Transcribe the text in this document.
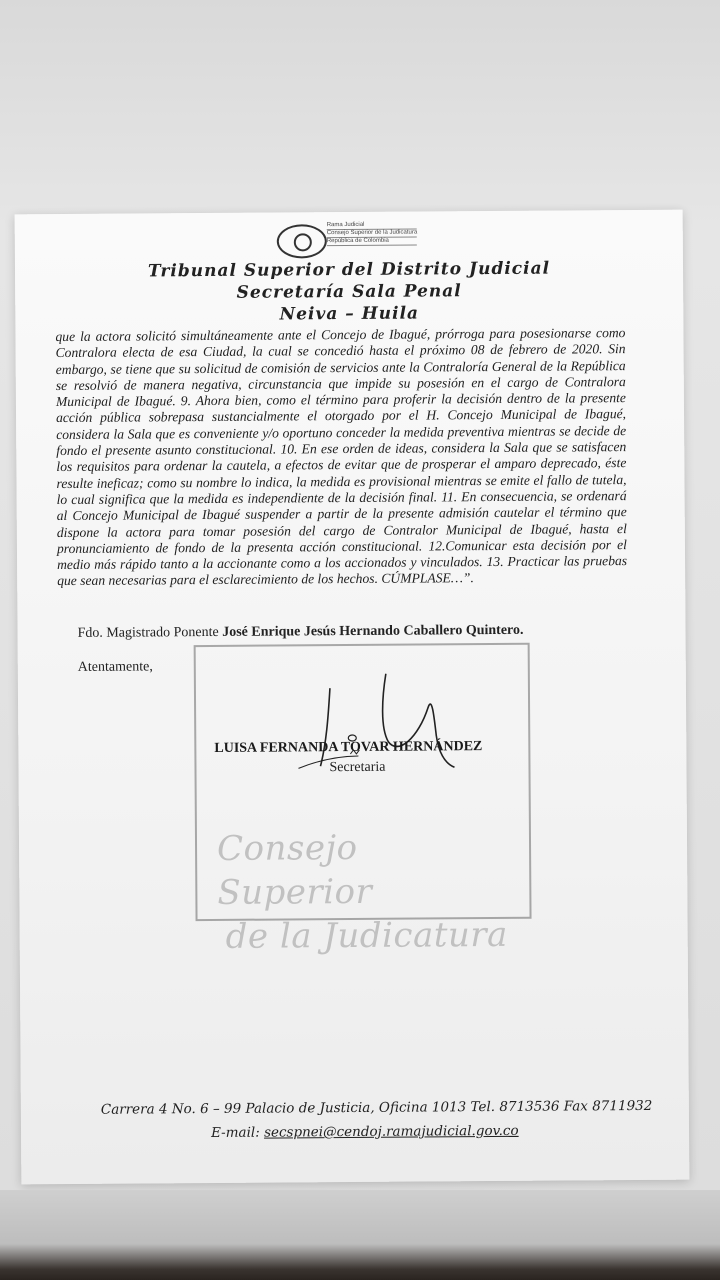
Consejo Superior
de la Judicatura
Rama Judicial
Consejo Superior de la Judicatura
República de Colombia
Tribunal Superior del Distrito Judicial
Secretaría Sala Penal
Neiva – Huila
que la actora solicitó simultáneamente ante el Concejo de Ibagué, prórroga para posesionarse como Contralora electa de esa Ciudad, la cual se concedió hasta el próximo 08 de febrero de 2020. Sin embargo, se tiene que su solicitud de comisión de servicios ante la Contraloría General de la República se resolvió de manera negativa, circunstancia que impide su posesión en el cargo de Contralora Municipal de Ibagué. 9. Ahora bien, como el término para proferir la decisión dentro de la presente acción pública sobrepasa sustancialmente el otorgado por el H. Concejo Municipal de Ibagué, considera la Sala que es conveniente y/o oportuno conceder la medida preventiva mientras se decide de fondo el presente asunto constitucional. 10. En ese orden de ideas, considera la Sala que se satisfacen los requisitos para ordenar la cautela, a efectos de evitar que de prosperar el amparo deprecado, éste resulte ineficaz; como su nombre lo indica, la medida es provisional mientras se emite el fallo de tutela, lo cual significa que la medida es independiente de la decisión final. 11. En consecuencia, se ordenará al Concejo Municipal de Ibagué suspender a partir de la presente admisión cautelar el término que dispone la actora para tomar posesión del cargo de Contralor Municipal de Ibagué, hasta el pronunciamiento de fondo de la presenta acción constitucional. 12.Comunicar esta decisión por el medio más rápido tanto a la accionante como a los accionados y vinculados. 13. Practicar las pruebas que sean necesarias para el esclarecimiento de los hechos. CÚMPLASE…”.
Fdo. Magistrado Ponente José Enrique Jesús Hernando Caballero Quintero.
Atentamente,
LUISA FERNANDA TOVAR HERNÁNDEZ
Secretaria
Carrera 4 No. 6 – 99 Palacio de Justicia, Oficina 1013 Tel. 8713536 Fax 8711932
E-mail: secspnei@cendoj.ramajudicial.gov.co
